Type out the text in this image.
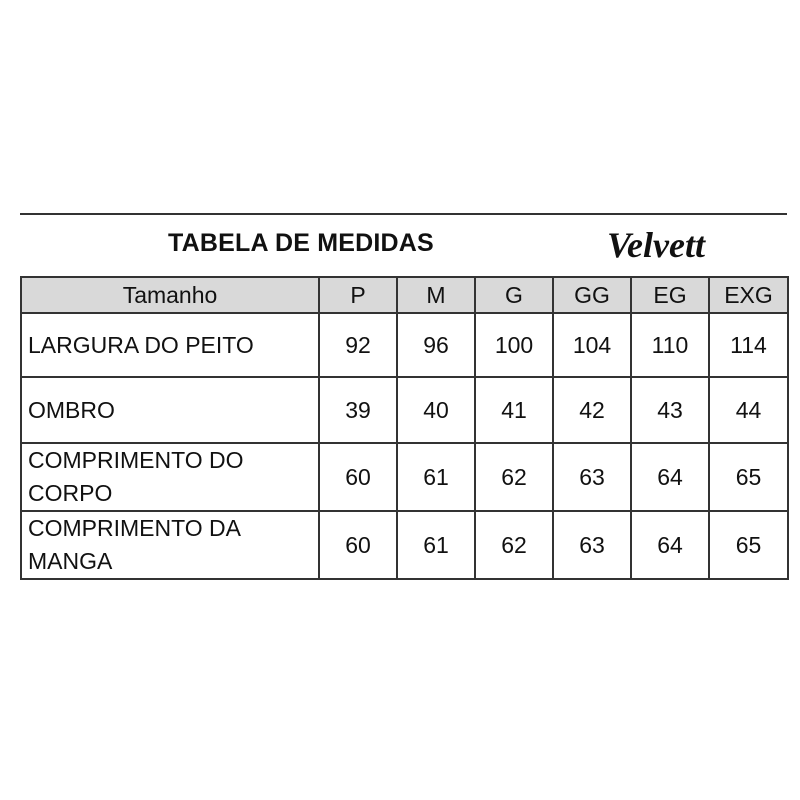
TABELA DE MEDIDAS	Velvett
Tamanho	P	M	G	GG	EG	EXG
LARGURA DO PEITO	92	96	100	104	110	114
OMBRO	39	40	41	42	43	44
COMPRIMENTO DO CORPO	60	61	62	63	64	65
COMPRIMENTO DA MANGA	60	61	62	63	64	65
